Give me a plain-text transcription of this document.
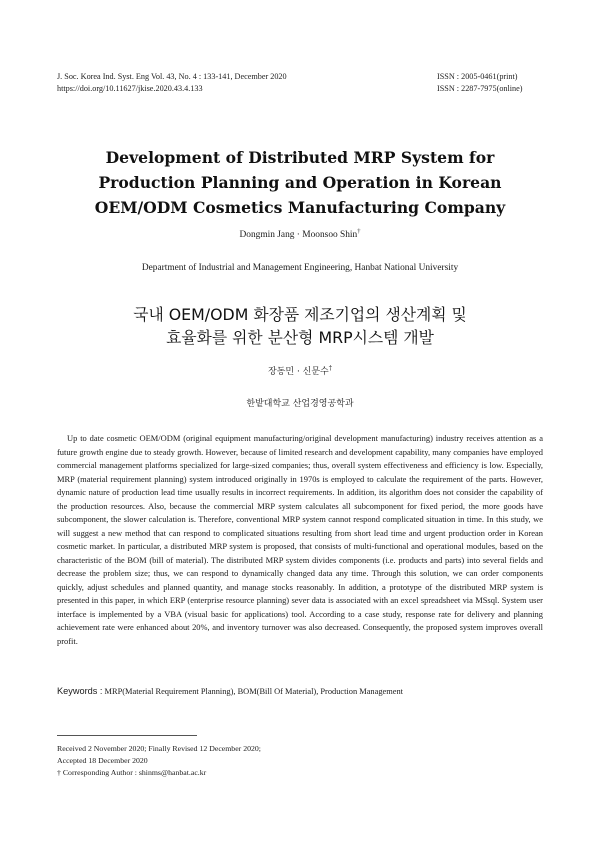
J. Soc. Korea Ind. Syst. Eng Vol. 43, No. 4 : 133-141, December 2020
https://doi.org/10.11627/jkise.2020.43.4.133
ISSN : 2005-0461(print)
ISSN : 2287-7975(online)
Development of Distributed MRP System for
Production Planning and Operation in Korean
OEM/ODM Cosmetics Manufacturing Company
Dongmin Jang · Moonsoo Shin†
Department of Industrial and Management Engineering, Hanbat National University
국내 OEM/ODM 화장품 제조기업의 생산계획 및
효율화를 위한 분산형 MRP시스템 개발
장동민 · 신문수†
한밭대학교 산업경영공학과

Up to date cosmetic OEM/ODM (original equipment manufacturing/original development manufacturing) industry receives attention as a future growth engine due to steady growth. However, because of limited research and development capability, many companies have employed commercial management platforms specialized for large-sized companies; thus, overall system effectiveness and efficiency is low. Especially, MRP (material requirement planning) system introduced originally in 1970s is employed to calculate the requirement of the parts. However, dynamic nature of production lead time usually results in incorrect requirements. In addition, its algorithm does not consider the capability of the production resources. Also, because the commercial MRP system calculates all subcomponent for fixed period, the more goods have subcomponent, the slower calculation is. Therefore, conventional MRP system cannot respond complicated situation in time. In this study, we will suggest a new method that can respond to complicated situations resulting from short lead time and urgent production order in Korean cosmetic market. In particular, a distributed MRP system is proposed, that consists of multi-functional and operational modules, based on the characteristic of the BOM (bill of material). The distributed MRP system divides components (i.e. products and parts) into several fields and decrease the problem size; thus, we can respond to dynamically changed data any time. Through this solution, we can order components quickly, adjust schedules and planned quantity, and manage stocks reasonably. In addition, a prototype of the distributed MRP system is presented in this paper, in which ERP (enterprise resource planning) sever data is associated with an excel spreadsheet via MSsql. System user interface is implemented by a VBA (visual basic for applications) tool. According to a case study, response rate for delivery and planning achievement rate were enhanced about 20%, and inventory turnover was also decreased. Consequently, the proposed system improves overall profit.

Keywords : MRP(Material Requirement Planning), BOM(Bill Of Material), Production Management
Received 2 November 2020; Finally Revised 12 December 2020;
Accepted 18 December 2020
† Corresponding Author : shinms@hanbat.ac.kr
